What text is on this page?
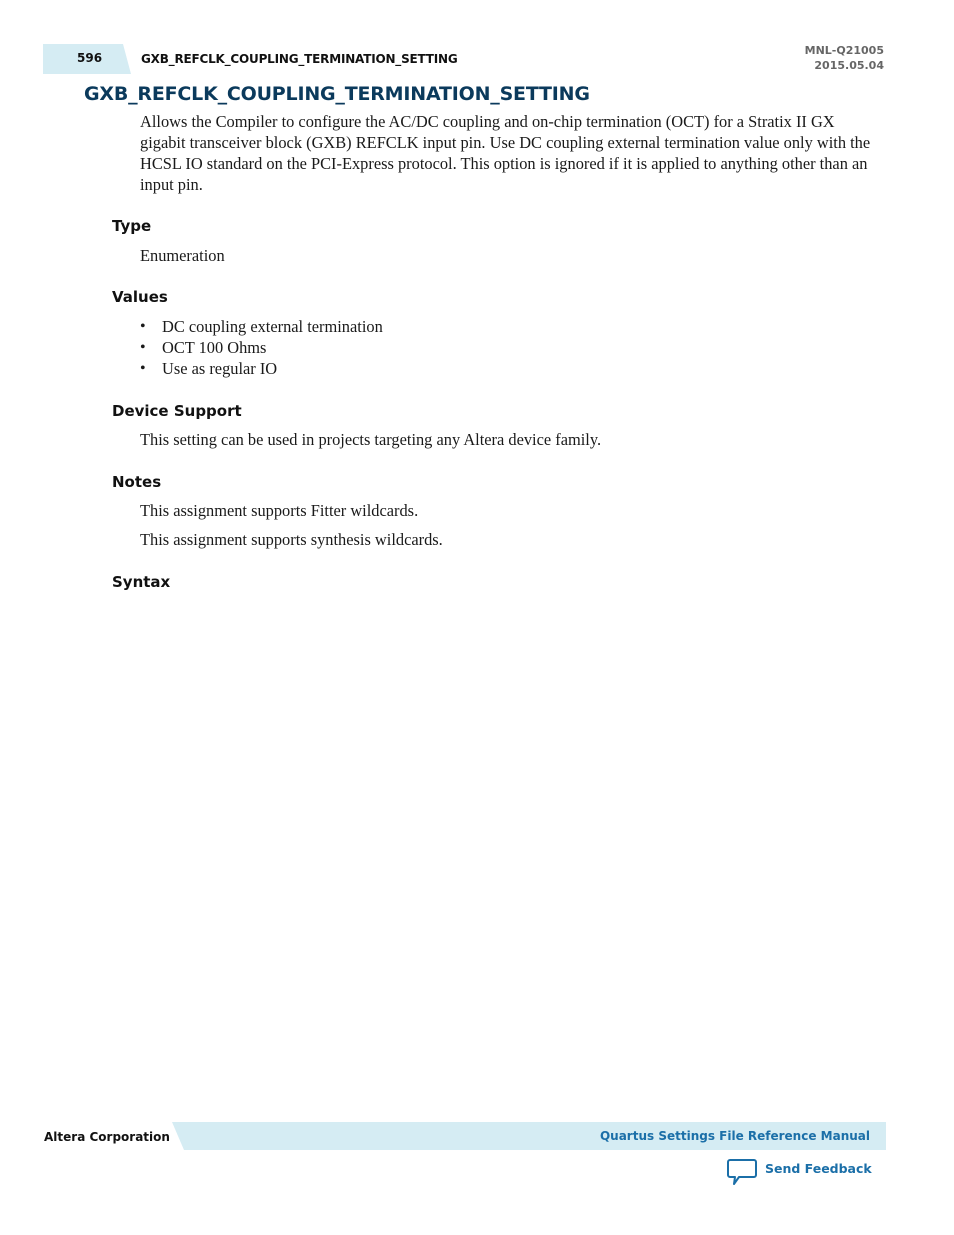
596	GXB_REFCLK_COUPLING_TERMINATION_SETTING
MNL-Q21005
2015.05.04
GXB_REFCLK_COUPLING_TERMINATION_SETTING

Allows the Compiler to configure the AC/DC coupling and on-chip termination (OCT) for a Stratix II GX gigabit transceiver block (GXB) REFCLK input pin. Use DC coupling external termination value only with the HCSL IO standard on the PCI-Express protocol. This option is ignored if it is applied to anything other than an input pin.

Type

Enumeration

Values
• DC coupling external termination
• OCT 100 Ohms
• Use as regular IO
Device Support

This setting can be used in projects targeting any Altera device family.

Notes

This assignment supports Fitter wildcards.

This assignment supports synthesis wildcards.

Syntax
Altera Corporation	Quartus Settings File Reference Manual
Send Feedback
